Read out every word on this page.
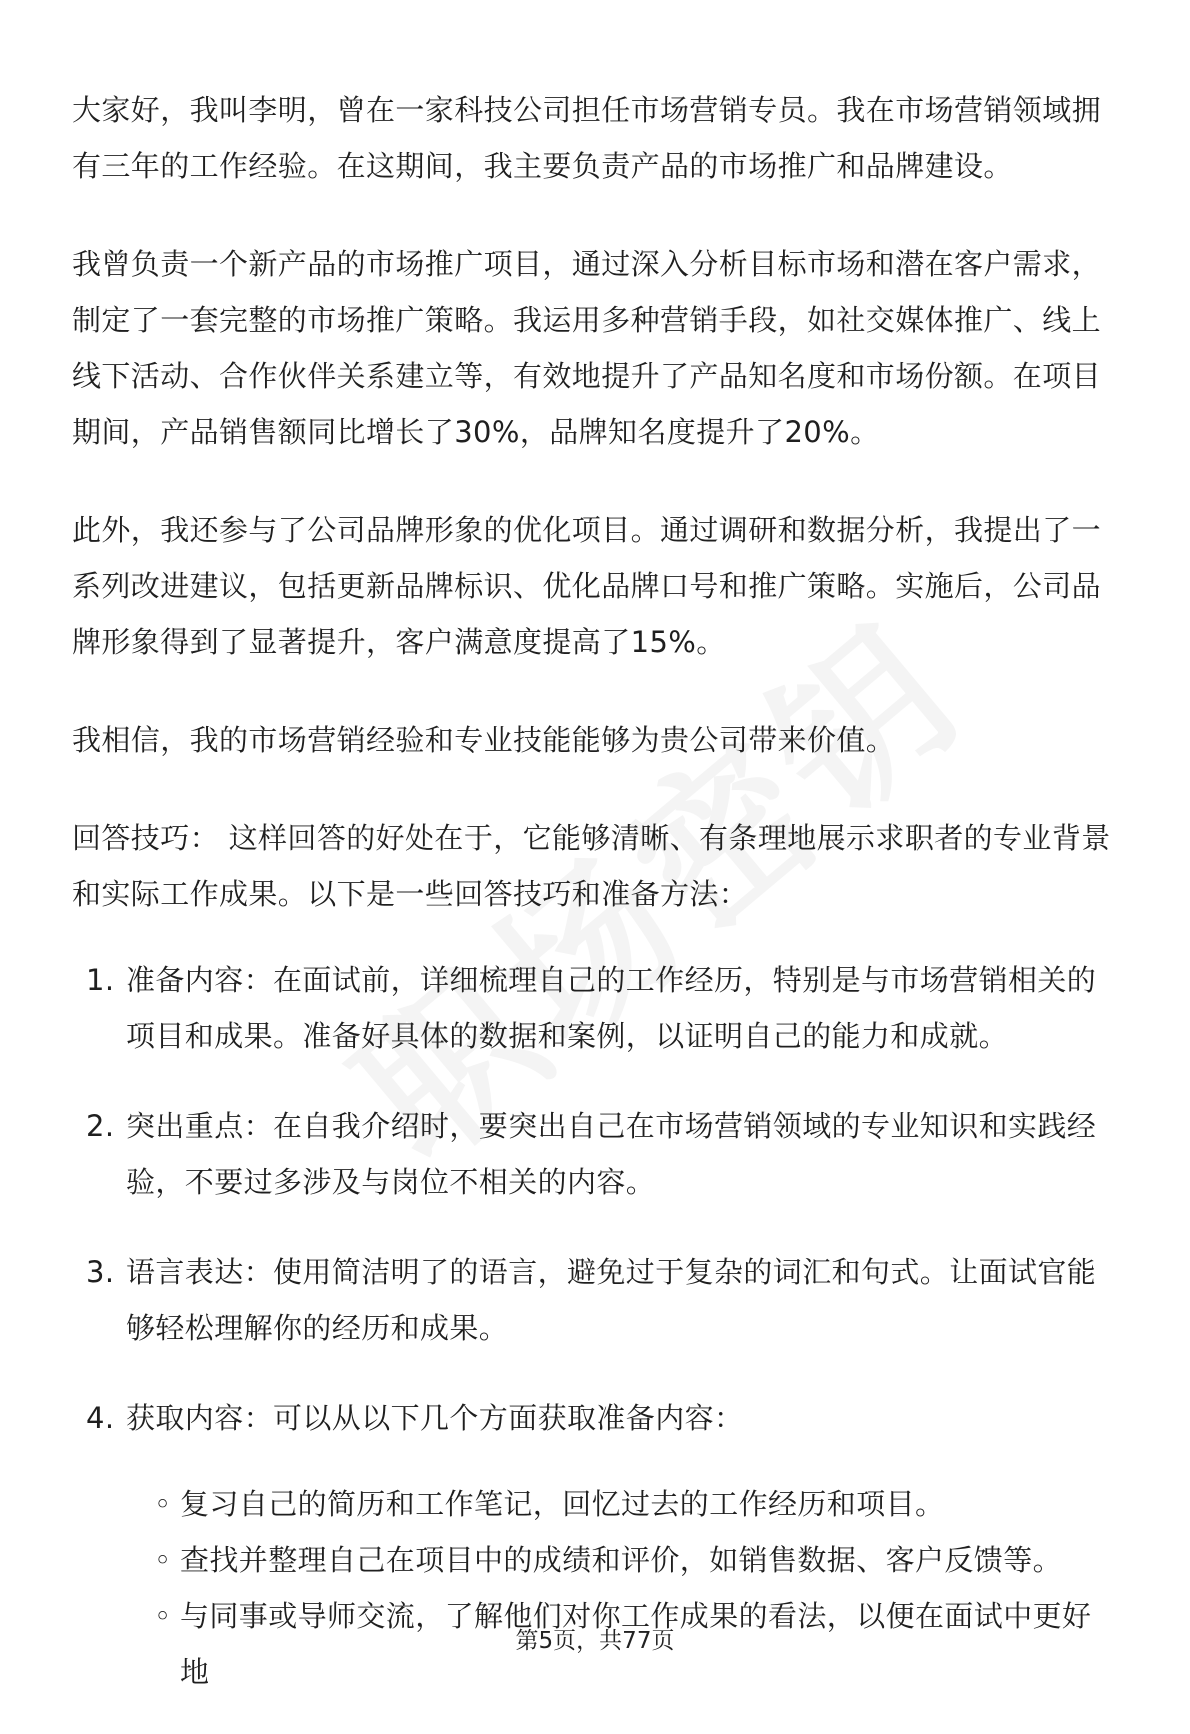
大家好，我叫李明，曾在一家科技公司担任市场营销专员。我在市场营销领域拥有三年的工作经验。在这期间，我主要负责产品的市场推广和品牌建设。

我曾负责一个新产品的市场推广项目，通过深入分析目标市场和潜在客户需求，制定了一套完整的市场推广策略。我运用多种营销手段，如社交媒体推广、线上线下活动、合作伙伴关系建立等，有效地提升了产品知名度和市场份额。在项目期间，产品销售额同比增长了30%，品牌知名度提升了20%。

此外，我还参与了公司品牌形象的优化项目。通过调研和数据分析，我提出了一系列改进建议，包括更新品牌标识、优化品牌口号和推广策略。实施后，公司品牌形象得到了显著提升，客户满意度提高了15%。

我相信，我的市场营销经验和专业技能能够为贵公司带来价值。

回答技巧： 这样回答的好处在于，它能够清晰、有条理地展示求职者的专业背景和实际工作成果。以下是一些回答技巧和准备方法：

1. 准备内容：在面试前，详细梳理自己的工作经历，特别是与市场营销相关的项目和成果。准备好具体的数据和案例，以证明自己的能力和成就。
2. 突出重点：在自我介绍时，要突出自己在市场营销领域的专业知识和实践经验，不要过多涉及与岗位不相关的内容。
3. 语言表达：使用简洁明了的语言，避免过于复杂的词汇和句式。让面试官能够轻松理解你的经历和成果。
4. 获取内容：可以从以下几个方面获取准备内容：
◦ 复习自己的简历和工作笔记，回忆过去的工作经历和项目。
◦ 查找并整理自己在项目中的成绩和评价，如销售数据、客户反馈等。
◦ 与同事或导师交流，了解他们对你工作成果的看法，以便在面试中更好地
第5页，共77页
